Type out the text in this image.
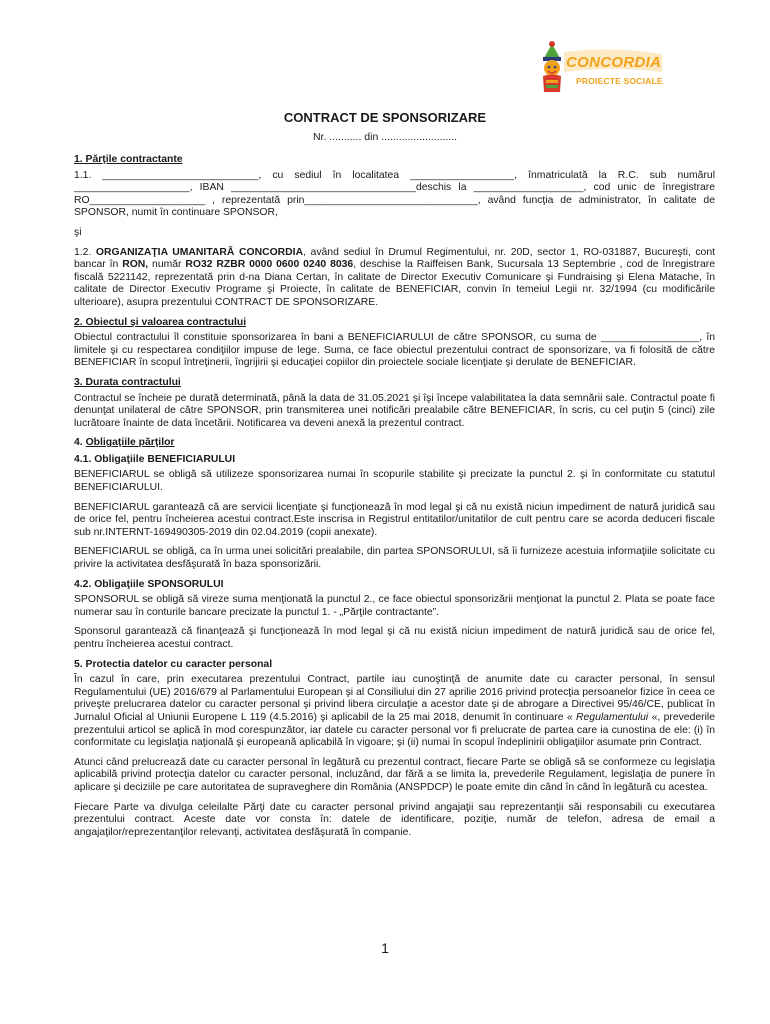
CONCORDIA
PROIECTE SOCIALE
CONTRACT DE SPONSORIZARE
Nr. ........... din ..........................

1. Părţile contractante

1.1. ___________________________, cu sediul în localitatea __________________, înmatriculată la R.C. sub numărul ____________________, IBAN ________________________________deschis la ___________________, cod unic de înregistrare RO____________________ , reprezentată prin______________________________, având funcţia de administrator, în calitate de SPONSOR, numit în continuare SPONSOR,

şi

1.2. ORGANIZAŢIA UMANITARĂ CONCORDIA, având sediul în Drumul Regimentului, nr. 20D, sector 1, RO-031887, Bucureşti, cont bancar în RON, număr RO32 RZBR 0000 0600 0240 8036, deschise la Raiffeisen Bank, Sucursala 13 Septembrie , cod de înregistrare fiscală 5221142, reprezentată prin d-na Diana Certan, în calitate de Director Executiv Comunicare şi Fundraising şi Elena Matache, în calitate de Director Executiv Programe şi Proiecte, în calitate de BENEFICIAR, convin în temeiul Legii nr. 32/1994 (cu modificările ulterioare), asupra prezentului CONTRACT DE SPONSORIZARE.

2. Obiectul şi valoarea contractului

Obiectul contractului îl constituie sponsorizarea în bani a BENEFICIARULUI de către SPONSOR, cu suma de _________________, în limitele şi cu respectarea condiţiilor impuse de lege. Suma, ce face obiectul prezentului contract de sponsorizare, va fi folosită de către BENEFICIAR în scopul întreţinerii, îngrijirii şi educaţiei copiilor din proiectele sociale licenţiate şi derulate de BENEFICIAR.

3. Durata contractului

Contractul se încheie pe durată determinată, până la data de 31.05.2021 şi îşi începe valabilitatea la data semnării sale. Contractul poate fi denunţat unilateral de către SPONSOR, prin transmiterea unei notificări prealabile către BENEFICIAR, în scris, cu cel puţin 5 (cinci) zile lucrătoare înainte de data încetării. Notificarea va deveni anexă la prezentul contract.

4. Obligaţiile părţilor

4.1. Obligaţiile BENEFICIARULUI

BENEFICIARUL se obligă să utilizeze sponsorizarea numai în scopurile stabilite şi precizate la punctul 2. şi în conformitate cu statutul BENEFICIARULUI.

BENEFICIARUL garantează că are servicii licenţiate şi funcţionează în mod legal şi că nu există niciun impediment de natură juridică sau de orice fel, pentru încheierea acestui contract.Este inscrisa in Registrul entitatilor/unitatilor de cult pentru care se acorda deduceri fiscale sub nr.INTERNT-169490305-2019 din 02.04.2019 (copii anexate).

BENEFICIARUL se obligă, ca în urma unei solicitări prealabile, din partea SPONSORULUI, să îi furnizeze acestuia informaţiile solicitate cu privire la activitatea desfăşurată în baza sponsorizării.

4.2. Obligaţiile SPONSORULUI

SPONSORUL se obligă să vireze suma menţionată la punctul 2., ce face obiectul sponsorizării menţionat la punctul 2. Plata se poate face numerar sau în conturile bancare precizate la punctul 1. - „Părţile contractante”.

Sponsorul garantează că finanţează şi funcţionează în mod legal şi că nu există niciun impediment de natură juridică sau de orice fel, pentru încheierea acestui contract.

5. Protectia datelor cu caracter personal

În cazul în care, prin executarea prezentului Contract, partile iau cunoştinţă de anumite date cu caracter personal, în sensul Regulamentului (UE) 2016/679 al Parlamentului European şi al Consiliului din 27 aprilie 2016 privind protecţia persoanelor fizice în ceea ce priveşte prelucrarea datelor cu caracter personal şi privind libera circulaţie a acestor date şi de abrogare a Directivei 95/46/CE, publicat în Jurnalul Oficial al Uniunii Europene L 119 (4.5.2016) şi aplicabil de la 25 mai 2018, denumit în continuare « Regulamentului «, prevederile prezentului articol se aplică în mod corespunzător, iar datele cu caracter personal vor fi prelucrate de partea care ia cunostina de ele: (i) în conformitate cu legislaţia naţională şi europeană aplicabilă în vigoare; şi (ii) numai în scopul îndeplinirii obligaţiilor asumate prin Contract.

Atunci când prelucrează date cu caracter personal în legătură cu prezentul contract, fiecare Parte se obligă să se conformeze cu legislaţia aplicabilă privind protecţia datelor cu caracter personal, incluzând, dar fără a se limita la, prevederile Regulament, legislaţia de punere în aplicare şi deciziile pe care autoritatea de supraveghere din România (ANSPDCP) le poate emite din când în când în legătură cu acestea.

Fiecare Parte va divulga celeilalte Părţi date cu caracter personal privind angajaţii sau reprezentanţii săi responsabili cu executarea prezentului contract. Aceste date vor consta în: datele de identificare, poziţie, număr de telefon, adresa de email a angajaţilor/reprezentanţilor relevanţi, activitatea desfăşurată în companie.

1
